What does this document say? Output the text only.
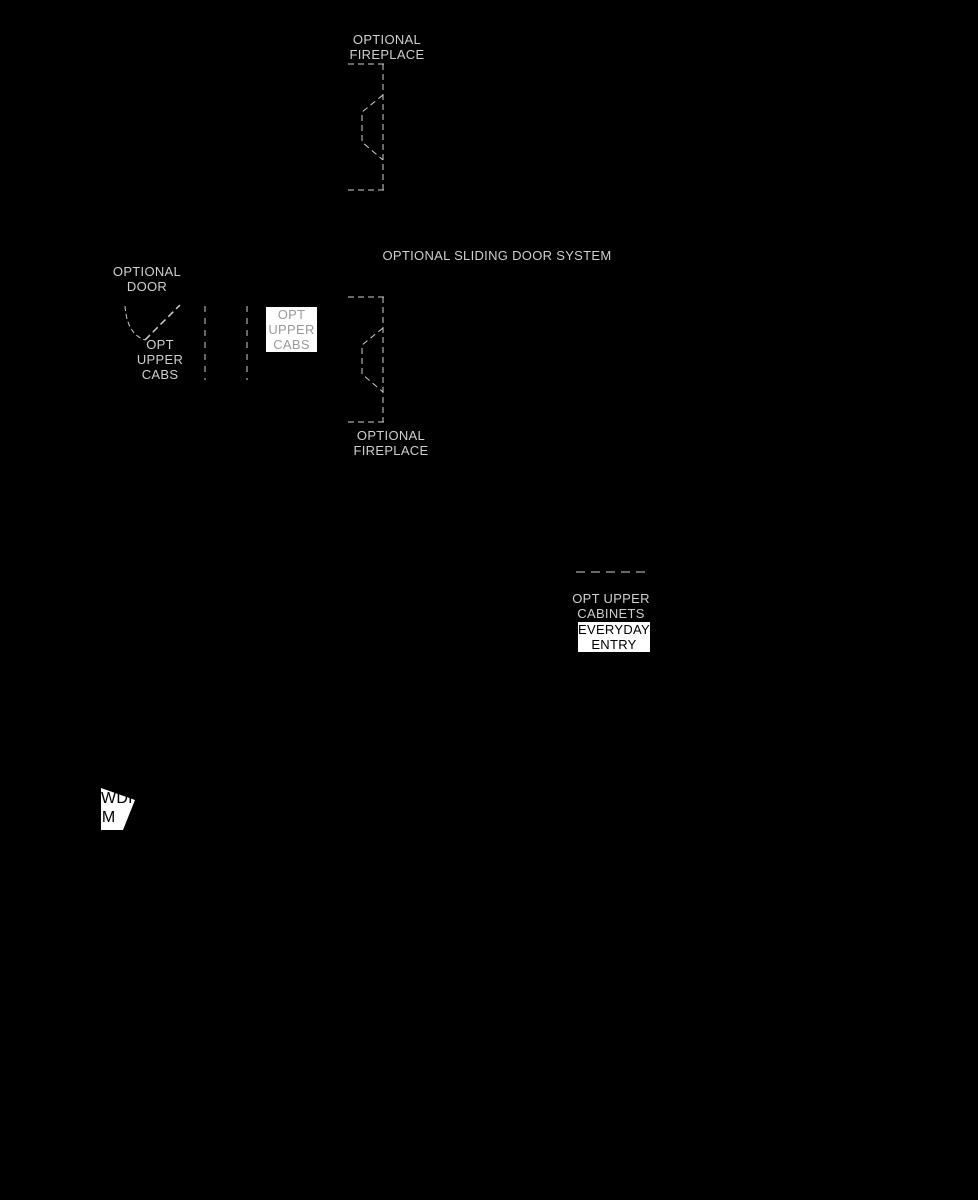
OPTIONAL
FIREPLACE
OPTIONAL SLIDING DOOR SYSTEM
OPTIONAL
DOOR
OPT
UPPER
CABS
OPT
UPPER
CABS
OPTIONAL
FIREPLACE
OPT UPPER
CABINETS
EVERYDAY
ENTRY
PWDR
RM
